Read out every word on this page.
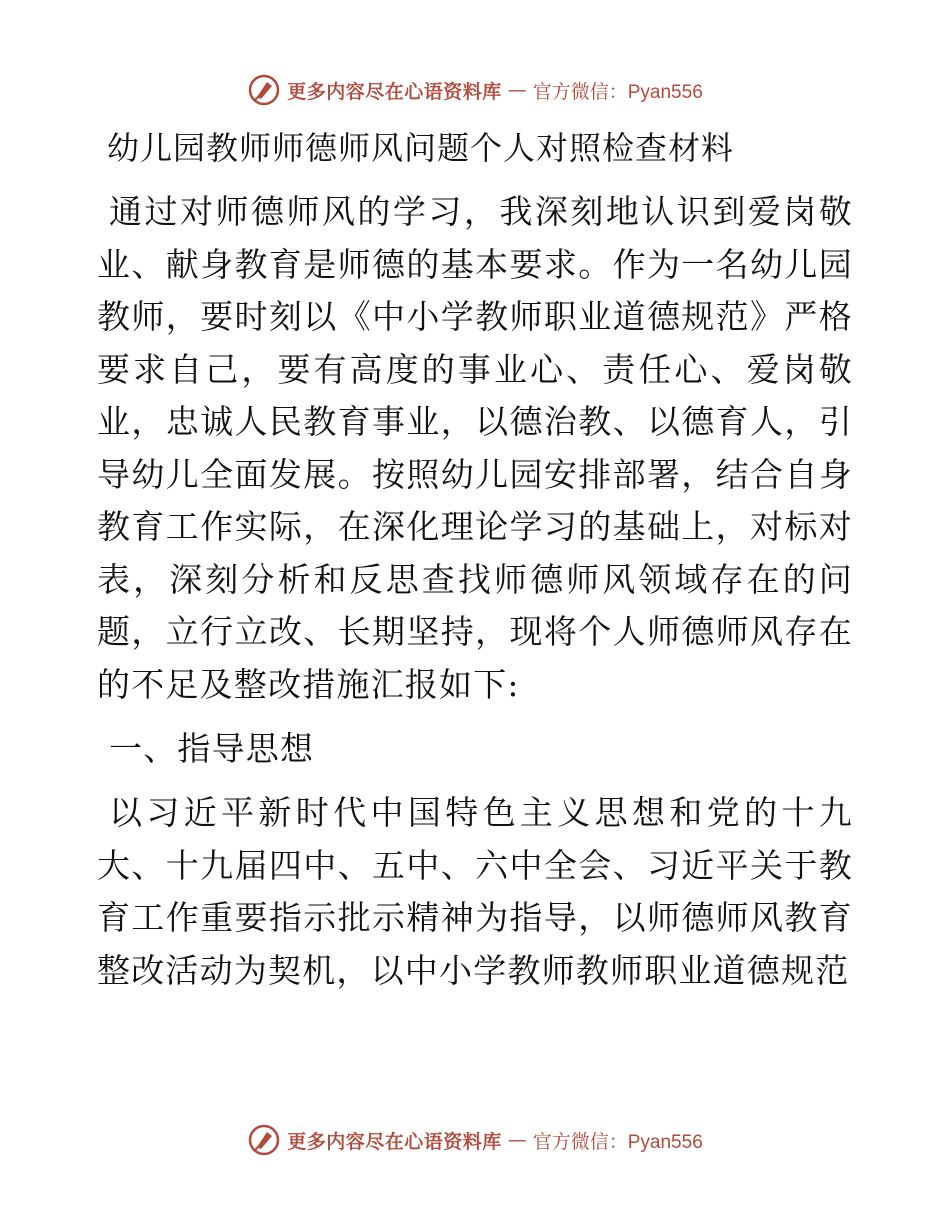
更多内容尽在心语资料库 — 官方微信：Pyan556
幼儿园教师师德师风问题个人对照检查材料

通过对师德师风的学习，我深刻地认识到爱岗敬业、献身教育是师德的基本要求。作为一名幼儿园教师，要时刻以《中小学教师职业道德规范》严格要求自己，要有高度的事业心、责任心、爱岗敬业，忠诚人民教育事业，以德治教、以德育人，引导幼儿全面发展。按照幼儿园安排部署，结合自身教育工作实际，在深化理论学习的基础上，对标对表，深刻分析和反思查找师德师风领域存在的问题，立行立改、长期坚持，现将个人师德师风存在的不足及整改措施汇报如下:

一、指导思想

以习近平新时代中国特色主义思想和党的十九大、十九届四中、五中、六中全会、习近平关于教育工作重要指示批示精神为指导，以师德师风教育整改活动为契机，以中小学教师教师职业道德规范

更多内容尽在心语资料库 — 官方微信：Pyan556
